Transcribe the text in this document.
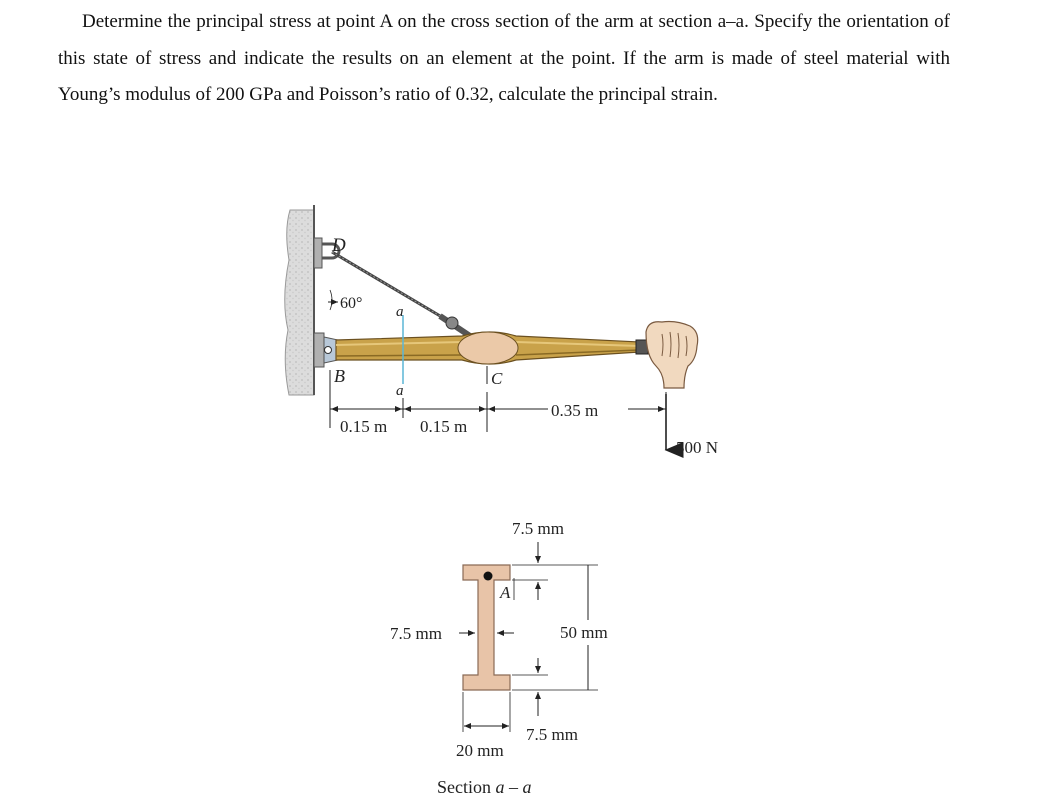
Determine the principal stress at point A on the cross section of the arm at section a–a. Specify the orientation of this state of stress and indicate the results on an element at the point. If the arm is made of steel material with Young’s modulus of 200 GPa and Poisson’s ratio of 0.32, calculate the principal strain.

500 N
D
B	C
a
a
60°
0.15 m 0.15 m
0.35 m
A
7.5 mm
50 mm
7.5 mm
7.5 mm
20 mm
Section a – a
